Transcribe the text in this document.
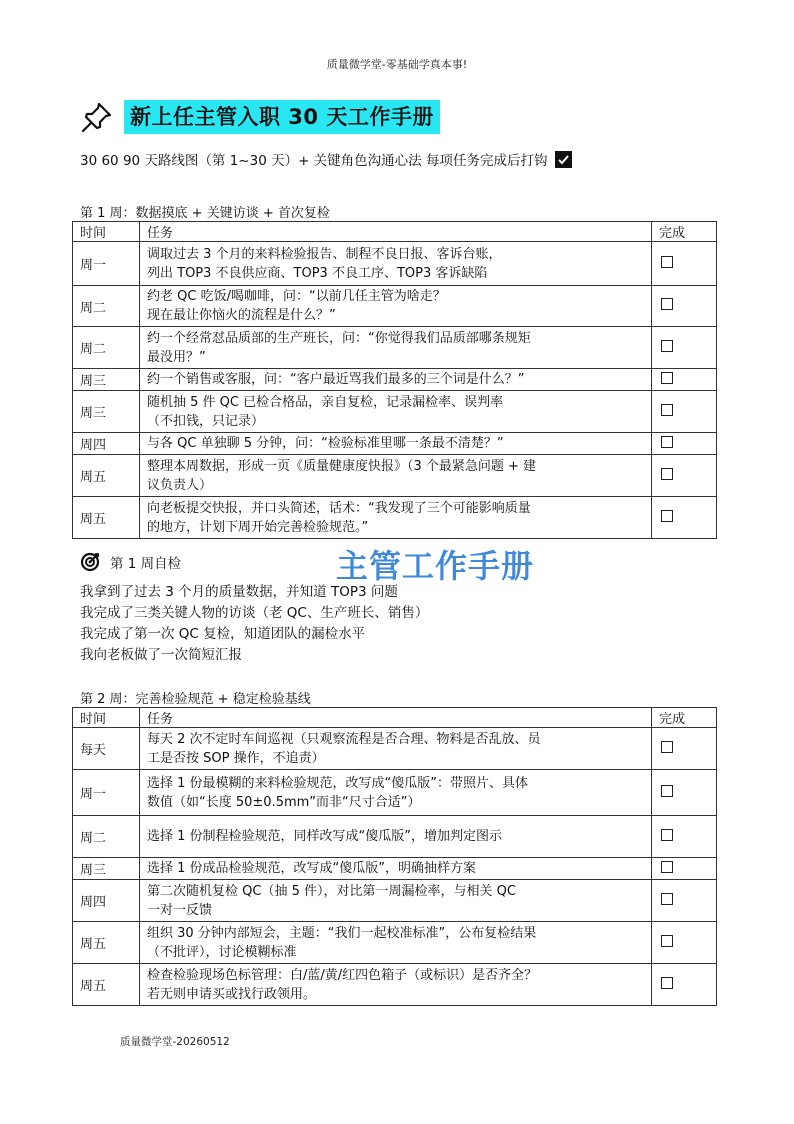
质量微学堂-零基础学真本事!
新上任主管入职 30 天工作手册
30 60 90 天路线图（第 1~30 天）+ 关键角色沟通心法 每项任务完成后打钩
第 1 周：数据摸底 + 关键访谈 + 首次复检
时间	任务	完成
周一	调取过去 3 个月的来料检验报告、制程不良日报、客诉台账，
列出 TOP3 不良供应商、TOP3 不良工序、TOP3 客诉缺陷	
周二	约老 QC 吃饭/喝咖啡，问：“以前几任主管为啥走？
现在最让你恼火的流程是什么？”	
周二	约一个经常怼品质部的生产班长，问：“你觉得我们品质部哪条规矩
最没用？”	
周三	约一个销售或客服，问：“客户最近骂我们最多的三个词是什么？”	
周三	随机抽 5 件 QC 已检合格品，亲自复检，记录漏检率、误判率
（不扣钱，只记录）	
周四	与各 QC 单独聊 5 分钟，问：“检验标准里哪一条最不清楚？”	
周五	整理本周数据，形成一页《质量健康度快报》（3 个最紧急问题 + 建
议负责人）	
周五	向老板提交快报，并口头简述，话术：“我发现了三个可能影响质量
的地方，计划下周开始完善检验规范。”	
第 1 周自检	主管工作手册
我拿到了过去 3 个月的质量数据，并知道 TOP3 问题
我完成了三类关键人物的访谈（老 QC、生产班长、销售）
我完成了第一次 QC 复检，知道团队的漏检水平
我向老板做了一次简短汇报
第 2 周：完善检验规范 + 稳定检验基线
时间	任务	完成
每天	每天 2 次不定时车间巡视（只观察流程是否合理、物料是否乱放、员
工是否按 SOP 操作，不追责）	
周一	选择 1 份最模糊的来料检验规范，改写成“傻瓜版”：带照片、具体
数值（如“长度 50±0.5mm”而非“尺寸合适”）	
周二	选择 1 份制程检验规范，同样改写成“傻瓜版”，增加判定图示	
周三	选择 1 份成品检验规范，改写成“傻瓜版”，明确抽样方案	
周四	第二次随机复检 QC（抽 5 件），对比第一周漏检率，与相关 QC
一对一反馈	
周五	组织 30 分钟内部短会，主题：“我们一起校准标准”，公布复检结果
（不批评），讨论模糊标准	
周五	检查检验现场色标管理：白/蓝/黄/红四色箱子（或标识）是否齐全？
若无则申请买或找行政领用。	
质量微学堂-20260512
